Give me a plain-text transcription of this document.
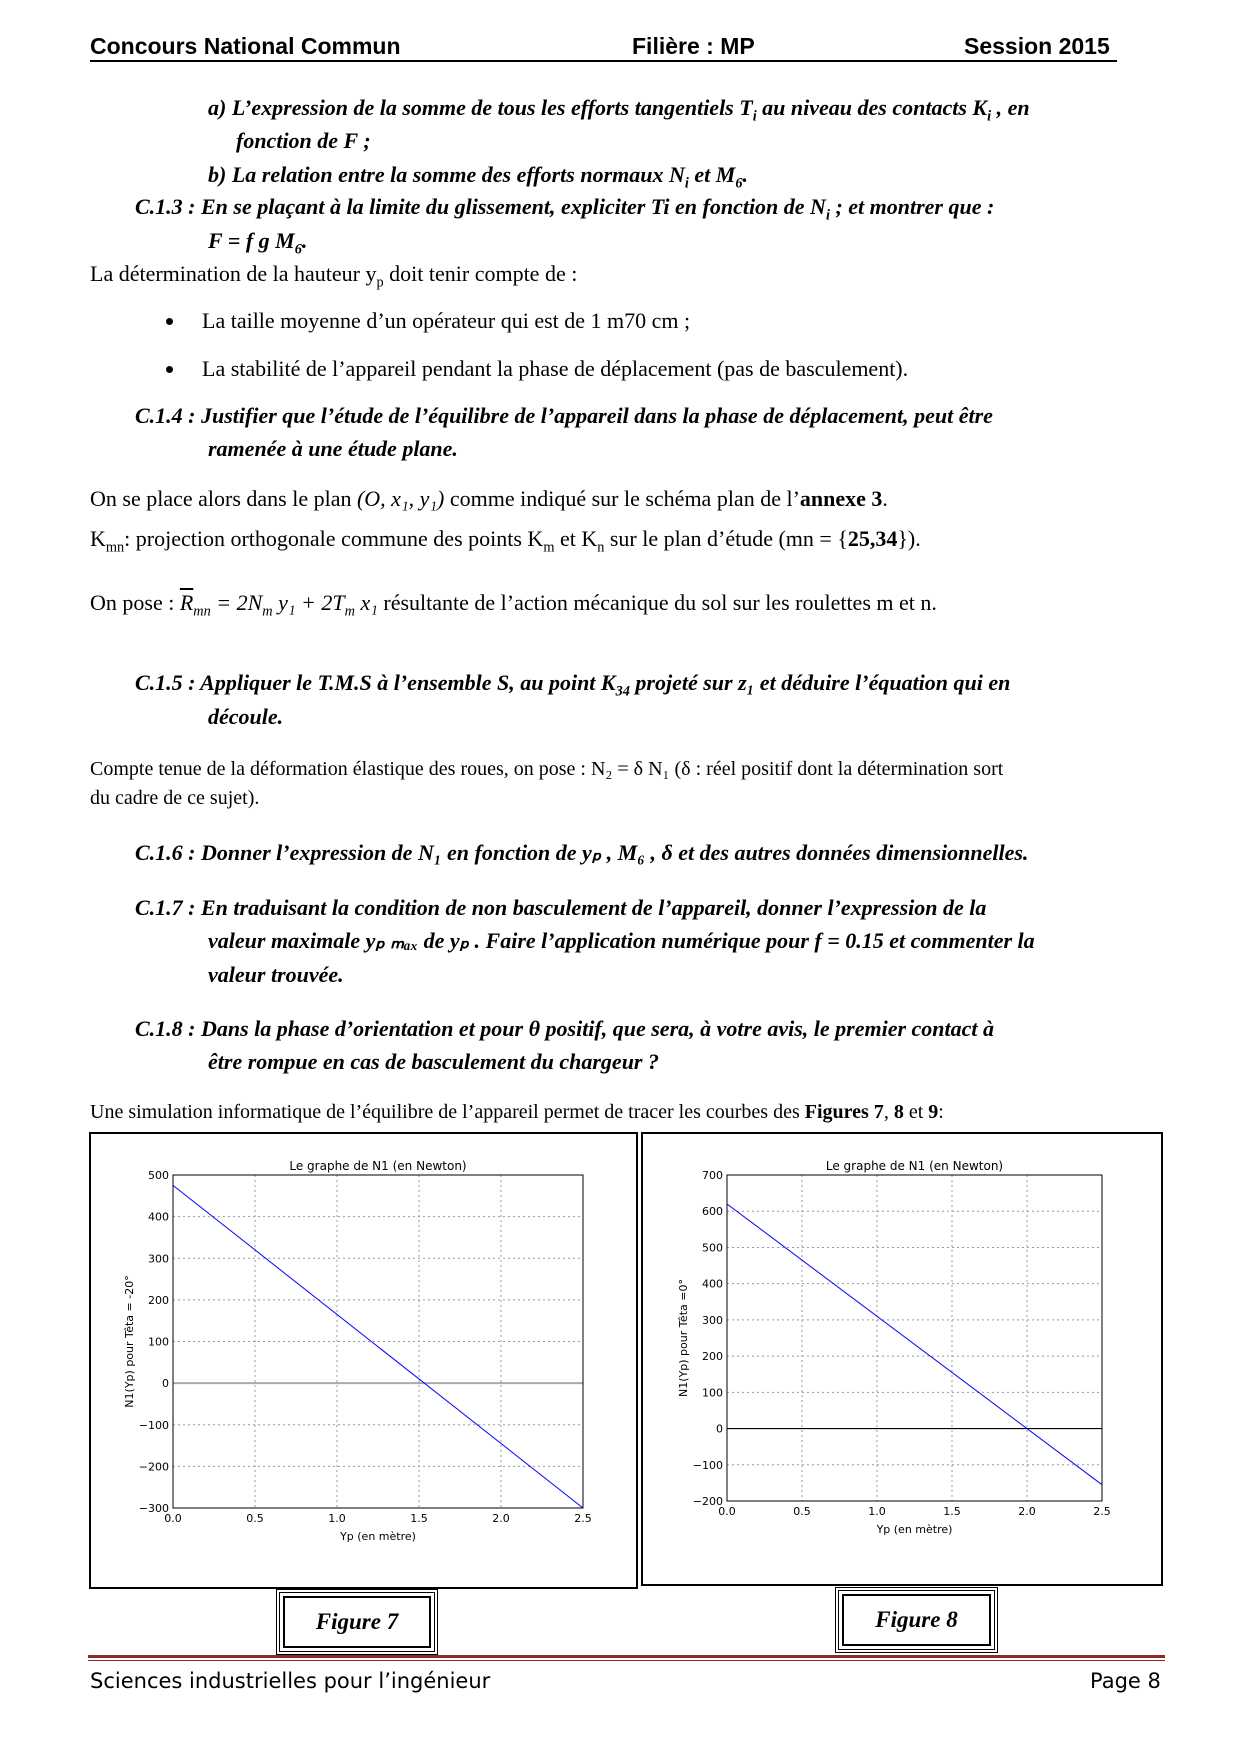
Concours National Commun	Filière : MP	Session 2015
a) L’expression de la somme de tous les efforts tangentiels $T_i$ au niveau des contacts $K_i$ , en
fonction de F ;
b) La relation entre la somme des efforts normaux $N_i$ et $M_6$.
C.1.3 : En se plaçant à la limite du glissement, expliciter Ti en fonction de $N_i$ ; et montrer que :
F = f g $M_6$.
La détermination de la hauteur $y_p$ doit tenir compte de :
La taille moyenne d’un opérateur qui est de 1 m70 cm ;
La stabilité de l’appareil pendant la phase de déplacement (pas de basculement).
C.1.4 : Justifier que l’étude de l’équilibre de l’appareil dans la phase de déplacement, peut être
ramenée à une étude plane.
On se place alors dans le plan (O, x₁, y₁) comme indiqué sur le schéma plan de l’annexe 3.
$K_{mn}$: projection orthogonale commune des points $K_m$ et $K_n$ sur le plan d’étude (mn = {25,34}).
On pose : $\overline{R}_{mn} = 2N_m$ $y_1 + 2T_m$ x₁ résultante de l’action mécanique du sol sur les roulettes m et n.
C.1.5 : Appliquer le T.M.S à l’ensemble S, au point $K_{34}$ projeté sur z₁ et déduire l’équation qui en
découle.
Compte tenue de la déformation élastique des roues, on pose : N₂ = δ N₁ (δ : réel positif dont la détermination sort
du cadre de ce sujet).
C.1.6 : Donner l’expression de N₁ en fonction de yₚ , M₆ , δ et des autres données dimensionnelles.
C.1.7 : En traduisant la condition de non basculement de l’appareil, donner l’expression de la
valeur maximale yₚ ₘₐₓ de yₚ . Faire l’application numérique pour f = 0.15 et commenter la
valeur trouvée.
C.1.8 : Dans la phase d’orientation et pour θ positif, que sera, à votre avis, le premier contact à
être rompue en cas de basculement du chargeur ?
Une simulation informatique de l’équilibre de l’appareil permet de tracer les courbes des Figures 7, 8 et 9:
0.0	0.5	1.0	1.5	2.0	2.5
500
400
300
200
100
0
−100
−200
−300
Le graphe de N1 (en Newton)
Yp (en mètre)
N1(Yp) pour Têta = -20°
0.0	0.5	1.0	1.5	2.0	2.5
700
600
500
400
300
200
100
0
−100
−200
Le graphe de N1 (en Newton)
Yp (en mètre)
N1(Yp) pour Têta =0°
Figure 7	Figure 8
Sciences industrielles pour l’ingénieur	Page 8
